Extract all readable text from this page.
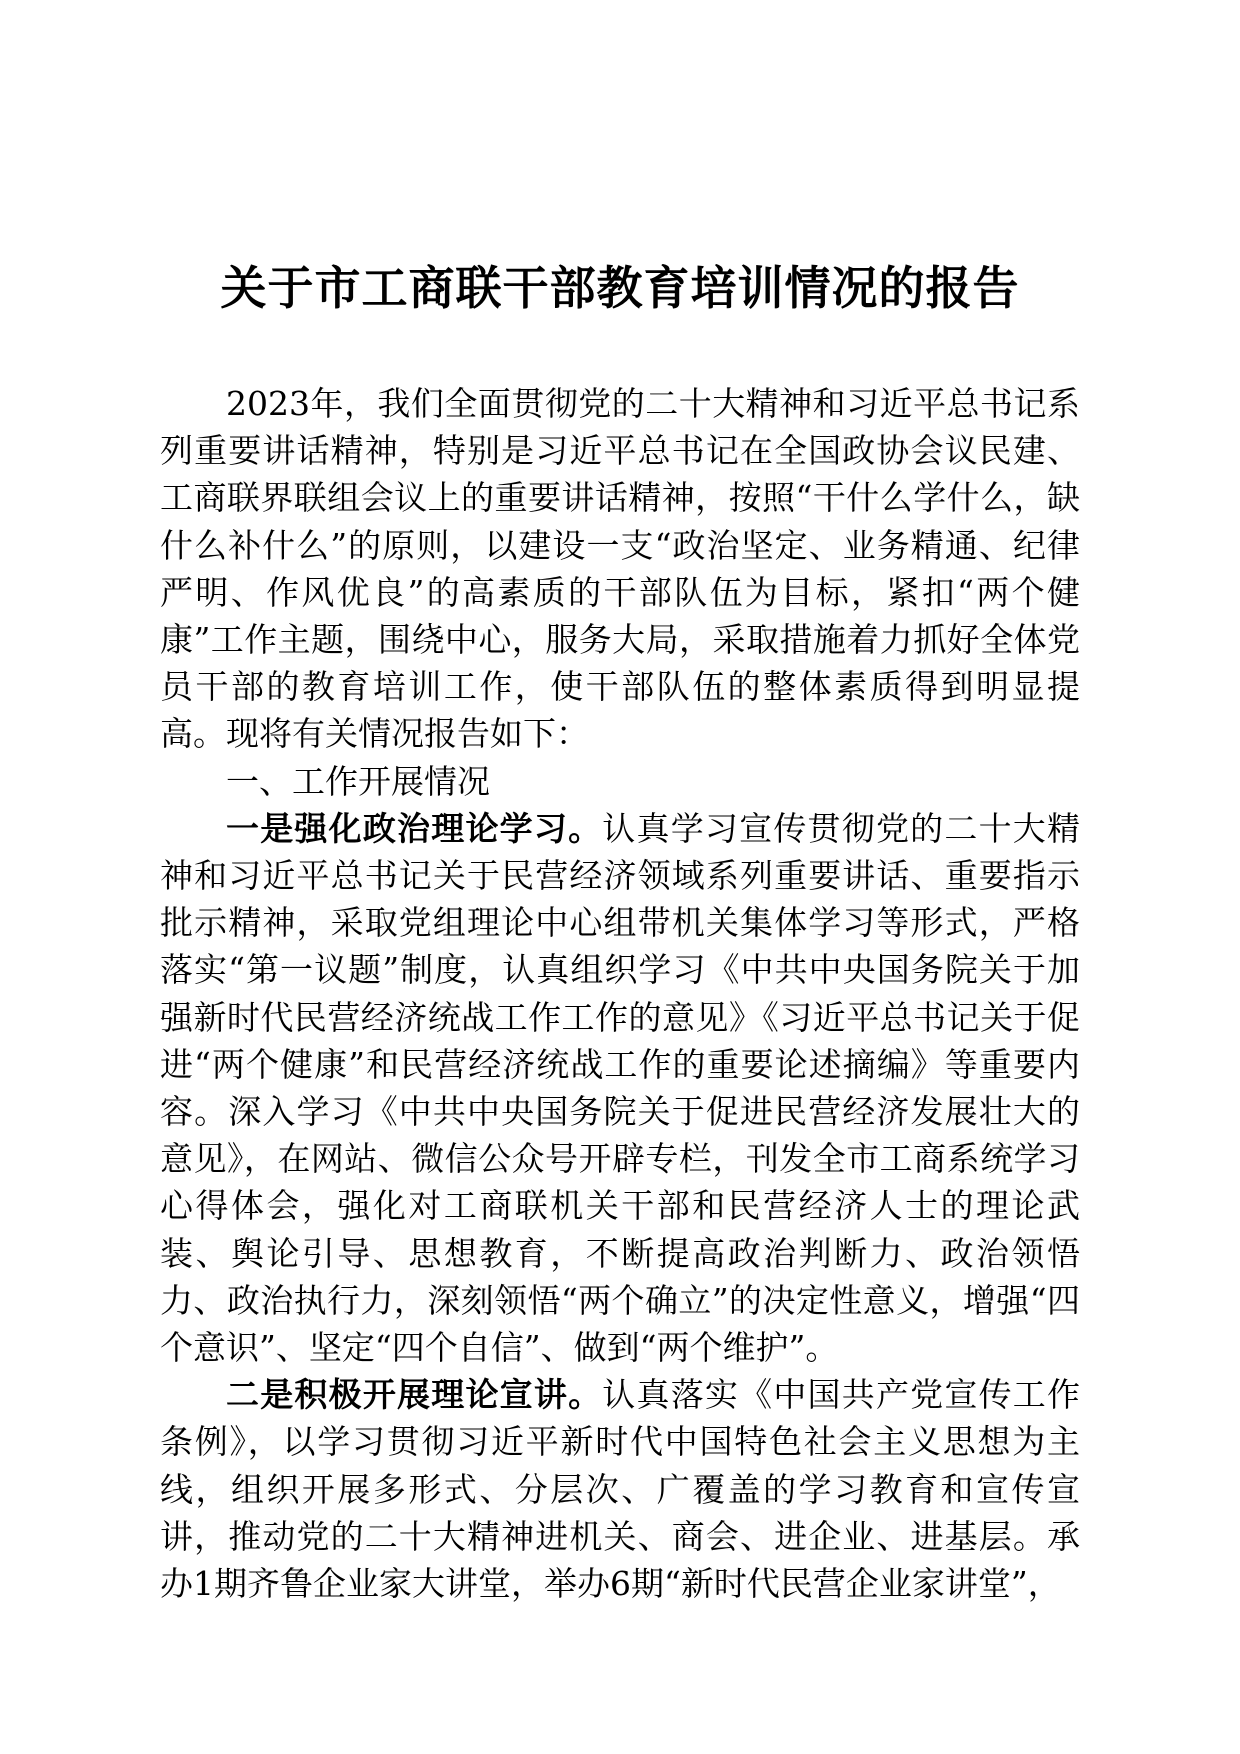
关于市工商联干部教育培训情况的报告

2023年，我们全面贯彻党的二十大精神和习近平总书记系列重要讲话精神，特别是习近平总书记在全国政协会议民建、工商联界联组会议上的重要讲话精神，按照“干什么学什么，缺什么补什么”的原则，以建设一支“政治坚定、业务精通、纪律严明、作风优良”的高素质的干部队伍为目标，紧扣“两个健康”工作主题，围绕中心，服务大局，采取措施着力抓好全体党员干部的教育培训工作，使干部队伍的整体素质得到明显提高。现将有关情况报告如下：

一、工作开展情况

一是强化政治理论学习。认真学习宣传贯彻党的二十大精神和习近平总书记关于民营经济领域系列重要讲话、重要指示批示精神，采取党组理论中心组带机关集体学习等形式，严格落实“第一议题”制度，认真组织学习《中共中央国务院关于加强新时代民营经济统战工作工作的意见》《习近平总书记关于促进“两个健康”和民营经济统战工作的重要论述摘编》等重要内容。深入学习《中共中央国务院关于促进民营经济发展壮大的意见》，在网站、微信公众号开辟专栏，刊发全市工商系统学习心得体会，强化对工商联机关干部和民营经济人士的理论武装、舆论引导、思想教育，不断提高政治判断力、政治领悟力、政治执行力，深刻领悟“两个确立”的决定性意义，增强“四个意识”、坚定“四个自信”、做到“两个维护”。

二是积极开展理论宣讲。认真落实《中国共产党宣传工作条例》，以学习贯彻习近平新时代中国特色社会主义思想为主线，组织开展多形式、分层次、广覆盖的学习教育和宣传宣讲，推动党的二十大精神进机关、商会、进企业、进基层。承办1期齐鲁企业家大讲堂，举办6期“新时代民营企业家讲堂”，
